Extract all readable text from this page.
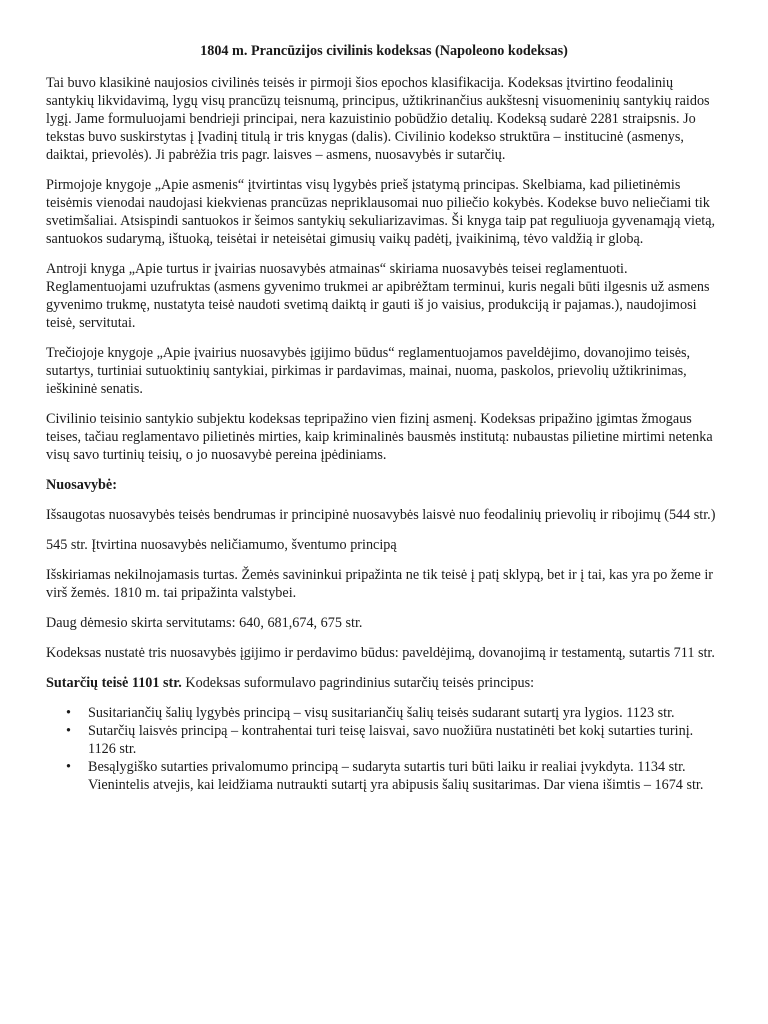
1804 m. Prancūzijos civilinis kodeksas (Napoleono kodeksas)

Tai buvo klasikinė naujosios civilinės teisės ir pirmoji šios epochos klasifikacija. Kodeksas įtvirtino feodalinių santykių likvidavimą, lygų visų prancūzų teisnumą, principus, užtikrinančius aukštesnį visuomeninių santykių raidos lygį. Jame formuluojami bendrieji principai, nera kazuistinio pobūdžio detalių. Kodeksą sudarė 2281 straipsnis. Jo tekstas buvo suskirstytas į Įvadinį titulą ir tris knygas (dalis). Civilinio kodekso struktūra – institucinė (asmenys, daiktai, prievolės). Ji pabrėžia tris pagr. laisves – asmens, nuosavybės ir sutarčių.

Pirmojoje knygoje „Apie asmenis“ įtvirtintas visų lygybės prieš įstatymą principas. Skelbiama, kad pilietinėmis teisėmis vienodai naudojasi kiekvienas prancūzas nepriklausomai nuo piliečio kokybės. Kodekse buvo neliečiami tik svetimšaliai. Atsispindi santuokos ir šeimos santykių sekuliarizavimas. Ši knyga taip pat reguliuoja gyvenamąją vietą, santuokos sudarymą, ištuoką, teisėtai ir neteisėtai gimusių vaikų padėtį, įvaikinimą, tėvo valdžią ir globą.

Antroji knyga „Apie turtus ir įvairias nuosavybės atmainas“ skiriama nuosavybės teisei reglamentuoti. Reglamentuojami uzufruktas (asmens gyvenimo trukmei ar apibrėžtam terminui, kuris negali būti ilgesnis už asmens gyvenimo trukmę, nustatyta teisė naudoti svetimą daiktą ir gauti iš jo vaisius, produkciją ir pajamas.), naudojimosi teisė, servitutai.

Trečiojoje knygoje „Apie įvairius nuosavybės įgijimo būdus“ reglamentuojamos paveldėjimo, dovanojimo teisės, sutartys, turtiniai sutuoktinių santykiai, pirkimas ir pardavimas, mainai, nuoma, paskolos, prievolių užtikrinimas, ieškininė senatis.

Civilinio teisinio santykio subjektu kodeksas tepripažino vien fizinį asmenį. Kodeksas pripažino įgimtas žmogaus teises, tačiau reglamentavo pilietinės mirties, kaip kriminalinės bausmės institutą: nubaustas pilietine mirtimi netenka visų savo turtinių teisių, o jo nuosavybė pereina įpėdiniams.

Nuosavybė:

Išsaugotas nuosavybės teisės bendrumas ir principinė nuosavybės laisvė nuo feodalinių prievolių ir ribojimų (544 str.)

545 str. Įtvirtina nuosavybės neličiamumo, šventumo principą

Išskiriamas nekilnojamasis turtas. Žemės savininkui pripažinta ne tik teisė į patį sklypą, bet ir į tai, kas yra po žeme ir virš žemės. 1810 m. tai pripažinta valstybei.

Daug dėmesio skirta servitutams: 640, 681,674, 675 str.

Kodeksas nustatė tris nuosavybės įgijimo ir perdavimo būdus: paveldėjimą, dovanojimą ir testamentą, sutartis 711 str.

Sutarčių teisė 1101 str. Kodeksas suformulavo pagrindinius sutarčių teisės principus:

• Susitariančių šalių lygybės principą – visų susitariančių šalių teisės sudarant sutartį yra lygios. 1123 str.
• Sutarčių laisvės principą – kontrahentai turi teisę laisvai, savo nuožiūra nustatinėti bet kokį sutarties turinį. 1126 str.
• Besąlygiško sutarties privalomumo principą – sudaryta sutartis turi būti laiku ir realiai įvykdyta. 1134 str. Vienintelis atvejis, kai leidžiama nutraukti sutartį yra abipusis šalių susitarimas. Dar viena išimtis – 1674 str.
